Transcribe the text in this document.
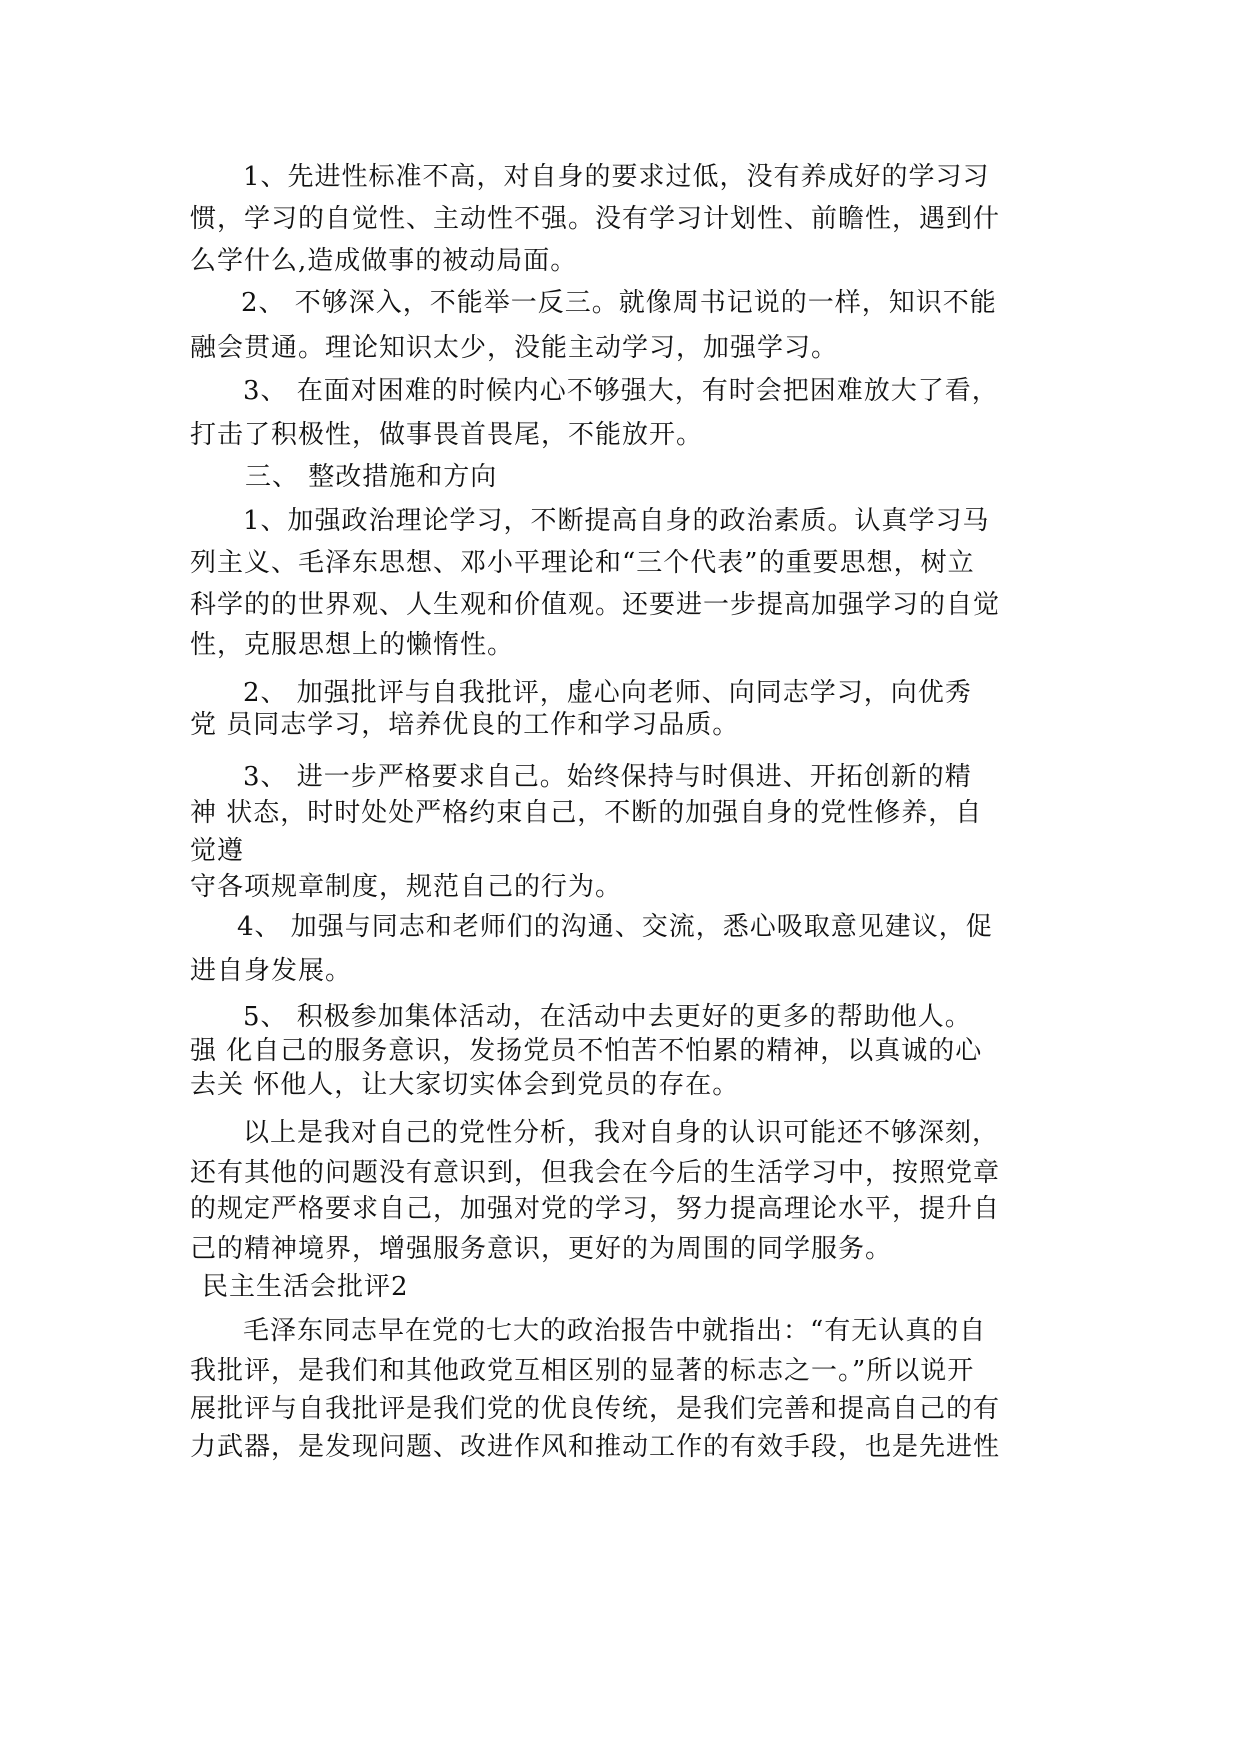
1、先进性标准不高，对自身的要求过低，没有养成好的学习习
惯，学习的自觉性、主动性不强。没有学习计划性、前瞻性，遇到什
么学什么,造成做事的被动局面。
2、 不够深入，不能举一反三。就像周书记说的一样，知识不能
融会贯通。理论知识太少，没能主动学习，加强学习。
3、 在面对困难的时候内心不够强大，有时会把困难放大了看，
打击了积极性，做事畏首畏尾，不能放开。
三、 整改措施和方向
1、加强政治理论学习，不断提高自身的政治素质。认真学习马
列主义、毛泽东思想、邓小平理论和“三个代表”的重要思想，树立
科学的的世界观、人生观和价值观。还要进一步提高加强学习的自觉
性，克服思想上的懒惰性。
2、 加强批评与自我批评，虚心向老师、向同志学习，向优秀
党 员同志学习，培养优良的工作和学习品质。
3、 进一步严格要求自己。始终保持与时俱进、开拓创新的精
神 状态，时时处处严格约束自己，不断的加强自身的党性修养，自
觉遵
守各项规章制度，规范自己的行为。
4、 加强与同志和老师们的沟通、交流，悉心吸取意见建议，促
进自身发展。
5、 积极参加集体活动，在活动中去更好的更多的帮助他人。
强 化自己的服务意识，发扬党员不怕苦不怕累的精神，以真诚的心
去关 怀他人，让大家切实体会到党员的存在。
以上是我对自己的党性分析，我对自身的认识可能还不够深刻，
还有其他的问题没有意识到，但我会在今后的生活学习中，按照党章
的规定严格要求自己，加强对党的学习，努力提高理论水平，提升自
己的精神境界，增强服务意识，更好的为周围的同学服务。
民主生活会批评2
毛泽东同志早在党的七大的政治报告中就指出：“有无认真的自
我批评，是我们和其他政党互相区别的显著的标志之一。”所以说开
展批评与自我批评是我们党的优良传统，是我们完善和提高自己的有
力武器，是发现问题、改进作风和推动工作的有效手段，也是先进性
